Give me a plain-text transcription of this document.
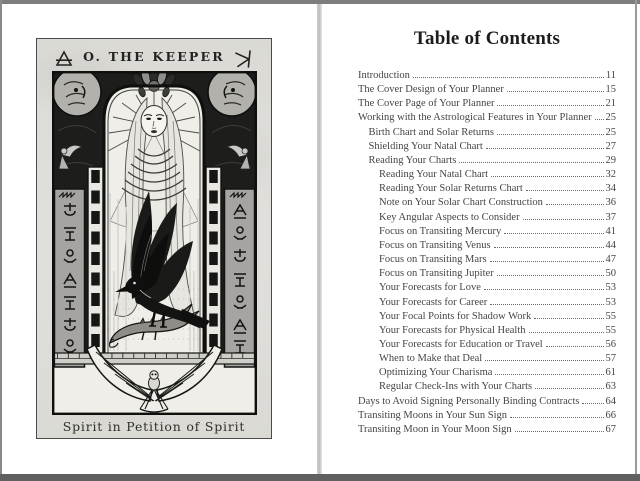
O. THE KEEPER
Spirit in Petition of Spirit
Table of Contents
Introduction	11
The Cover Design of Your Planner	15
The Cover Page of Your Planner	21
Working with the Astrological Features in Your Planner 25
Birth Chart and Solar Returns	25
Shielding Your Natal Chart	27
Reading Your Charts	29
Reading Your Natal Chart	32
Reading Your Solar Returns Chart	34
Note on Your Solar Chart Construction	36
Key Angular Aspects to Consider	37
Focus on Transiting Mercury	41
Focus on Transiting Venus	44
Focus on Transiting Mars	47
Focus on Transiting Jupiter	50
Your Forecasts for Love	53
Your Forecasts for Career	53
Your Focal Points for Shadow Work	55
Your Forecasts for Physical Health	55
Your Forecasts for Education or Travel	56
When to Make that Deal	57
Optimizing Your Charisma	61
Regular Check-Ins with Your Charts	63
Days to Avoid Signing Personally Binding Contracts 64
Transiting Moons in Your Sun Sign	66
Transiting Moon in Your Moon Sign	67
